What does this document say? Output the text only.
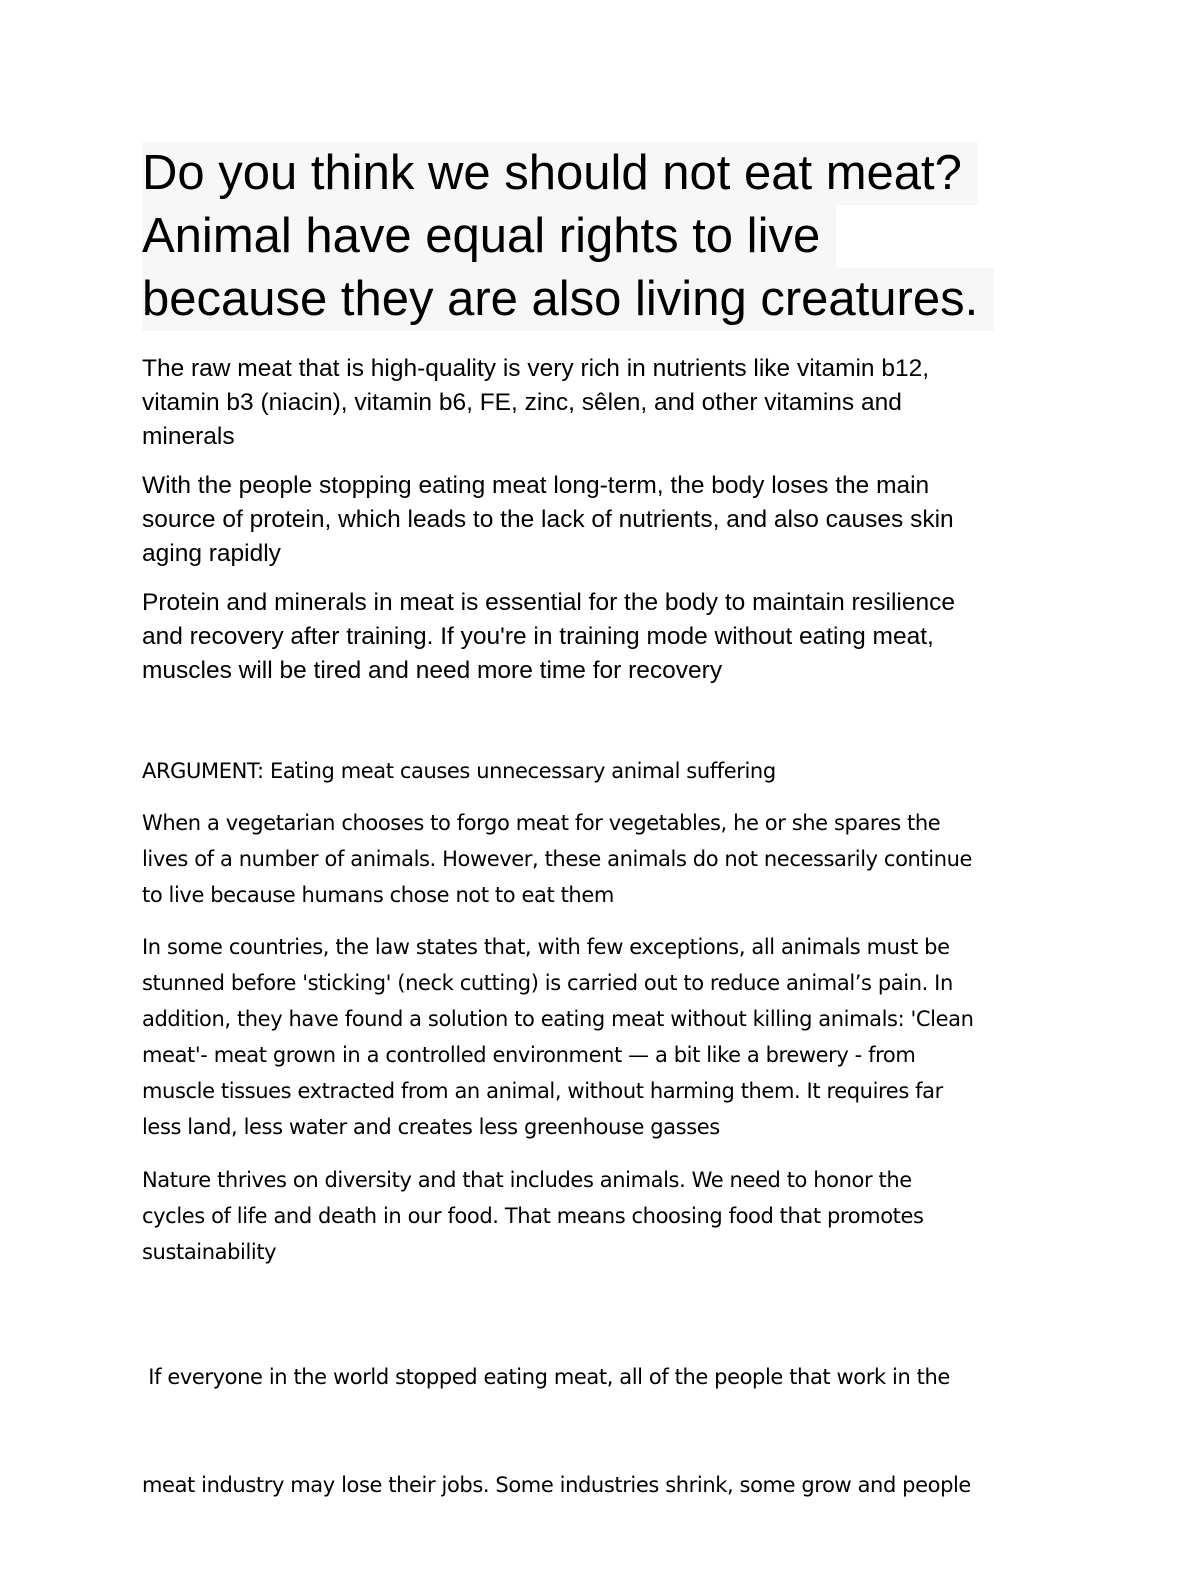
Do you think we should not eat meat?
Animal have equal rights to live
because they are also living creatures.

The raw meat that is high-quality is very rich in nutrients like vitamin b12,
vitamin b3 (niacin), vitamin b6, FE, zinc, sêlen, and other vitamins and
minerals

With the people stopping eating meat long-term, the body loses the main
source of protein, which leads to the lack of nutrients, and also causes skin
aging rapidly

Protein and minerals in meat is essential for the body to maintain resilience
and recovery after training. If you're in training mode without eating meat,
muscles will be tired and need more time for recovery

ARGUMENT: Eating meat causes unnecessary animal suffering

When a vegetarian chooses to forgo meat for vegetables, he or she spares the
lives of a number of animals. However, these animals do not necessarily continue
to live because humans chose not to eat them

In some countries, the law states that, with few exceptions, all animals must be
stunned before 'sticking' (neck cutting) is carried out to reduce animal’s pain. In
addition, they have found a solution to eating meat without killing animals: 'Clean
meat'- meat grown in a controlled environment — a bit like a brewery - from
muscle tissues extracted from an animal, without harming them. It requires far
less land, less water and creates less greenhouse gasses

Nature thrives on diversity and that includes animals. We need to honor the
cycles of life and death in our food. That means choosing food that promotes
sustainability

If everyone in the world stopped eating meat, all of the people that work in the

meat industry may lose their jobs. Some industries shrink, some grow and people
